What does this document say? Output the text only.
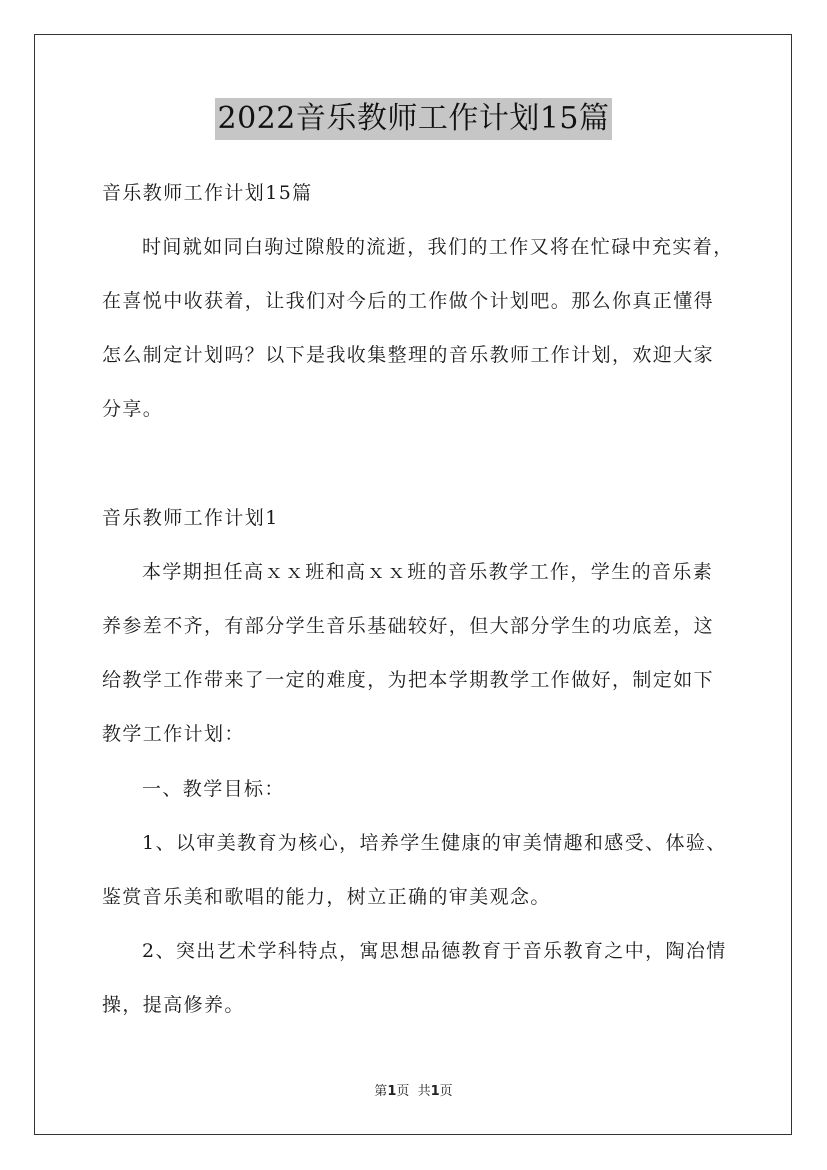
2022音乐教师工作计划15篇
音乐教师工作计划15篇
时间就如同白驹过隙般的流逝，我们的工作又将在忙碌中充实着，
在喜悦中收获着，让我们对今后的工作做个计划吧。那么你真正懂得
怎么制定计划吗？以下是我收集整理的音乐教师工作计划，欢迎大家
分享。
音乐教师工作计划1
本学期担任高ｘｘ班和高ｘｘ班的音乐教学工作，学生的音乐素
养参差不齐，有部分学生音乐基础较好，但大部分学生的功底差，这
给教学工作带来了一定的难度，为把本学期教学工作做好，制定如下
教学工作计划：
一、教学目标：
1、以审美教育为核心，培养学生健康的审美情趣和感受、体验、
鉴赏音乐美和歌唱的能力，树立正确的审美观念。
2、突出艺术学科特点，寓思想品德教育于音乐教育之中，陶冶情
操，提高修养。
第1页  共1页
